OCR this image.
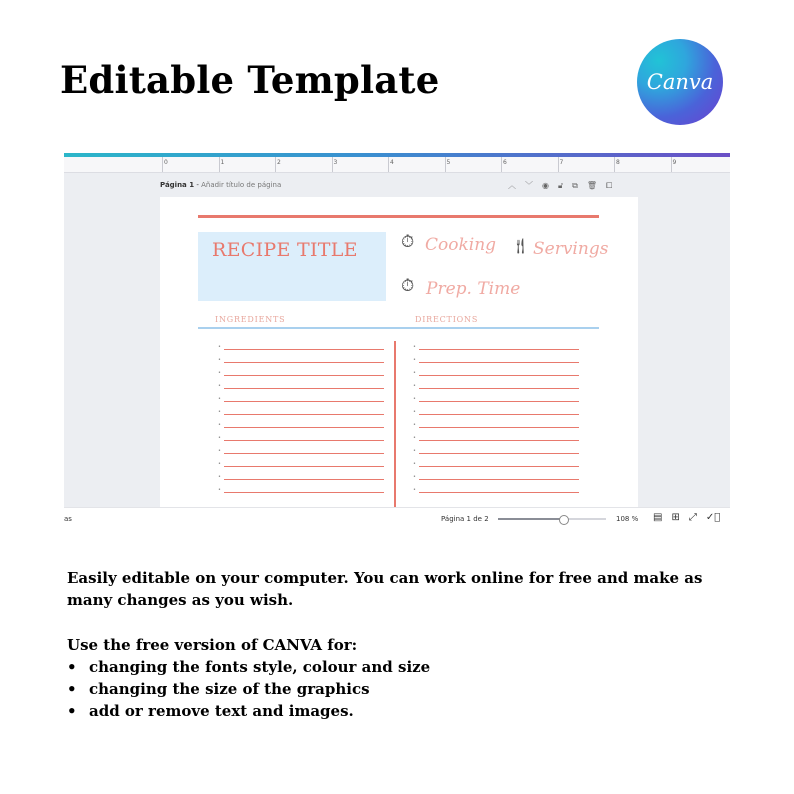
Editable Template	Canva
0	1	2	3	4	5	6	7	8	9
Página 1 - Añadir título de página	︿ ﹀ ◉ 🔓︎ ⧉ 🗑︎ ⧠
RECIPE TITLE	⏱︎ Cooking 🍴︎ Servings
⏱︎ Prep. Time
INGREDIENTS	DIRECTIONS
•
•
•
•
•
•
•
•
•
•
•
•
•
•
•
•
•
•
•
•
•
•
•
•
as	Página 1 de 2	108 % ▤ ⊞ ⤢ ✓⃝

Easily editable on your computer. You can work online for free and make as many changes as you wish.

Use the free version of CANVA for:

• changing the fonts style, colour and size
• changing the size of the graphics
• add or remove text and images.
